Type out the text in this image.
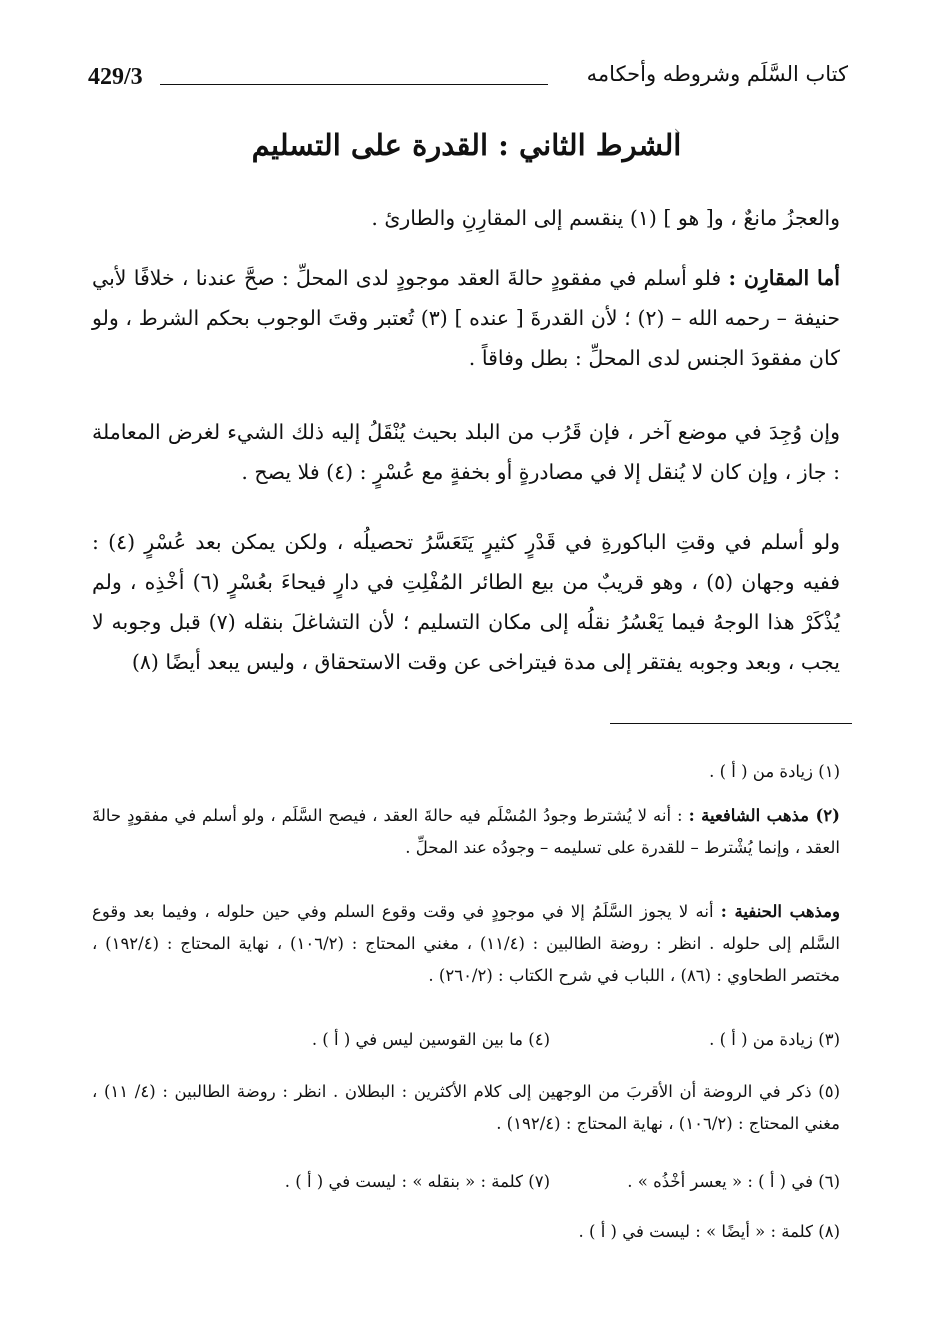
429/3	كتاب السَّلَم وشروطه وأحكامه
الشرط الثاني : القدرة على التسليم

والعجزُ مانعٌ ، و[ هو ] (١) ينقسم إلى المقارِنِ والطارئ .

أما المقارِن : فلو أسلم في مفقودٍ حالةَ العقد موجودٍ لدى المحلِّ : صحَّ عندنا ، خلافًا لأبي حنيفة – رحمه الله – (٢) ؛ لأن القدرةَ [ عنده ] (٣) تُعتبر وقتَ الوجوب بحكم الشرط ، ولو كان مفقودَ الجنس لدى المحلِّ : بطل وفاقاً .

وإن وُجِدَ في موضع آخر ، فإن قَرُب من البلد بحيث يُنْقَلُ إليه ذلك الشيء لغرض المعاملة : جاز ، وإن كان لا يُنقل إلا في مصادرةٍ أو بخفةٍ مع عُسْرٍ : (٤) فلا يصح .

ولو أسلم في وقتِ الباكورةِ في قَدْرٍ كثيرٍ يَتَعَسَّرُ تحصيلُه ، ولكن يمكن بعد عُسْرٍ (٤) : ففيه وجهان (٥) ، وهو قريبٌ من بيع الطائر المُفْلِتِ في دارٍ فيحاءَ بعُسْرٍ (٦) أخْذِه ، ولم يُذْكَرْ هذا الوجهُ فيما يَعْسُرُ نقلُه إلى مكان التسليم ؛ لأن التشاغلَ بنقله (٧) قبل وجوبه لا يجب ، وبعد وجوبه يفتقر إلى مدة فيتراخى عن وقت الاستحقاق ، وليس يبعد أيضًا (٨)

(١) زيادة من ( أ ) .

(٢) مذهب الشافعية : : أنه لا يُشترط وجودُ المُسْلَم فيه حالةَ العقد ، فيصح السَّلَم ، ولو أسلم في مفقودٍ حالةَ العقد ، وإنما يُشْترط – للقدرة على تسليمه – وجودُه عند المحلِّ .

ومذهب الحنفية : أنه لا يجوز السَّلَمُ إلا في موجودٍ في وقت وقوع السلم وفي حين حلوله ، وفيما بعد وقوع السَّلم إلى حلوله . انظر : روضة الطالبين : (١١/٤) ، مغني المحتاج : (١٠٦/٢) ، نهاية المحتاج : (١٩٢/٤) ، مختصر الطحاوي : (٨٦) ، اللباب في شرح الكتاب : (٢٦٠/٢) .

(٣) زيادة من ( أ ) .(٤) ما بين القوسين ليس في ( أ ) .

(٥) ذكر في الروضة أن الأقربَ من الوجهين إلى كلام الأكثرين : البطلان . انظر : روضة الطالبين : (٤/ ١١) ، مغني المحتاج : (١٠٦/٢) ، نهاية المحتاج : (١٩٢/٤) .

(٦) في ( أ ) : « يعسر أخْذُه » .(٧) كلمة : « بنقله » : ليست في ( أ ) .

(٨) كلمة : « أيضًا » : ليست في ( أ ) .
